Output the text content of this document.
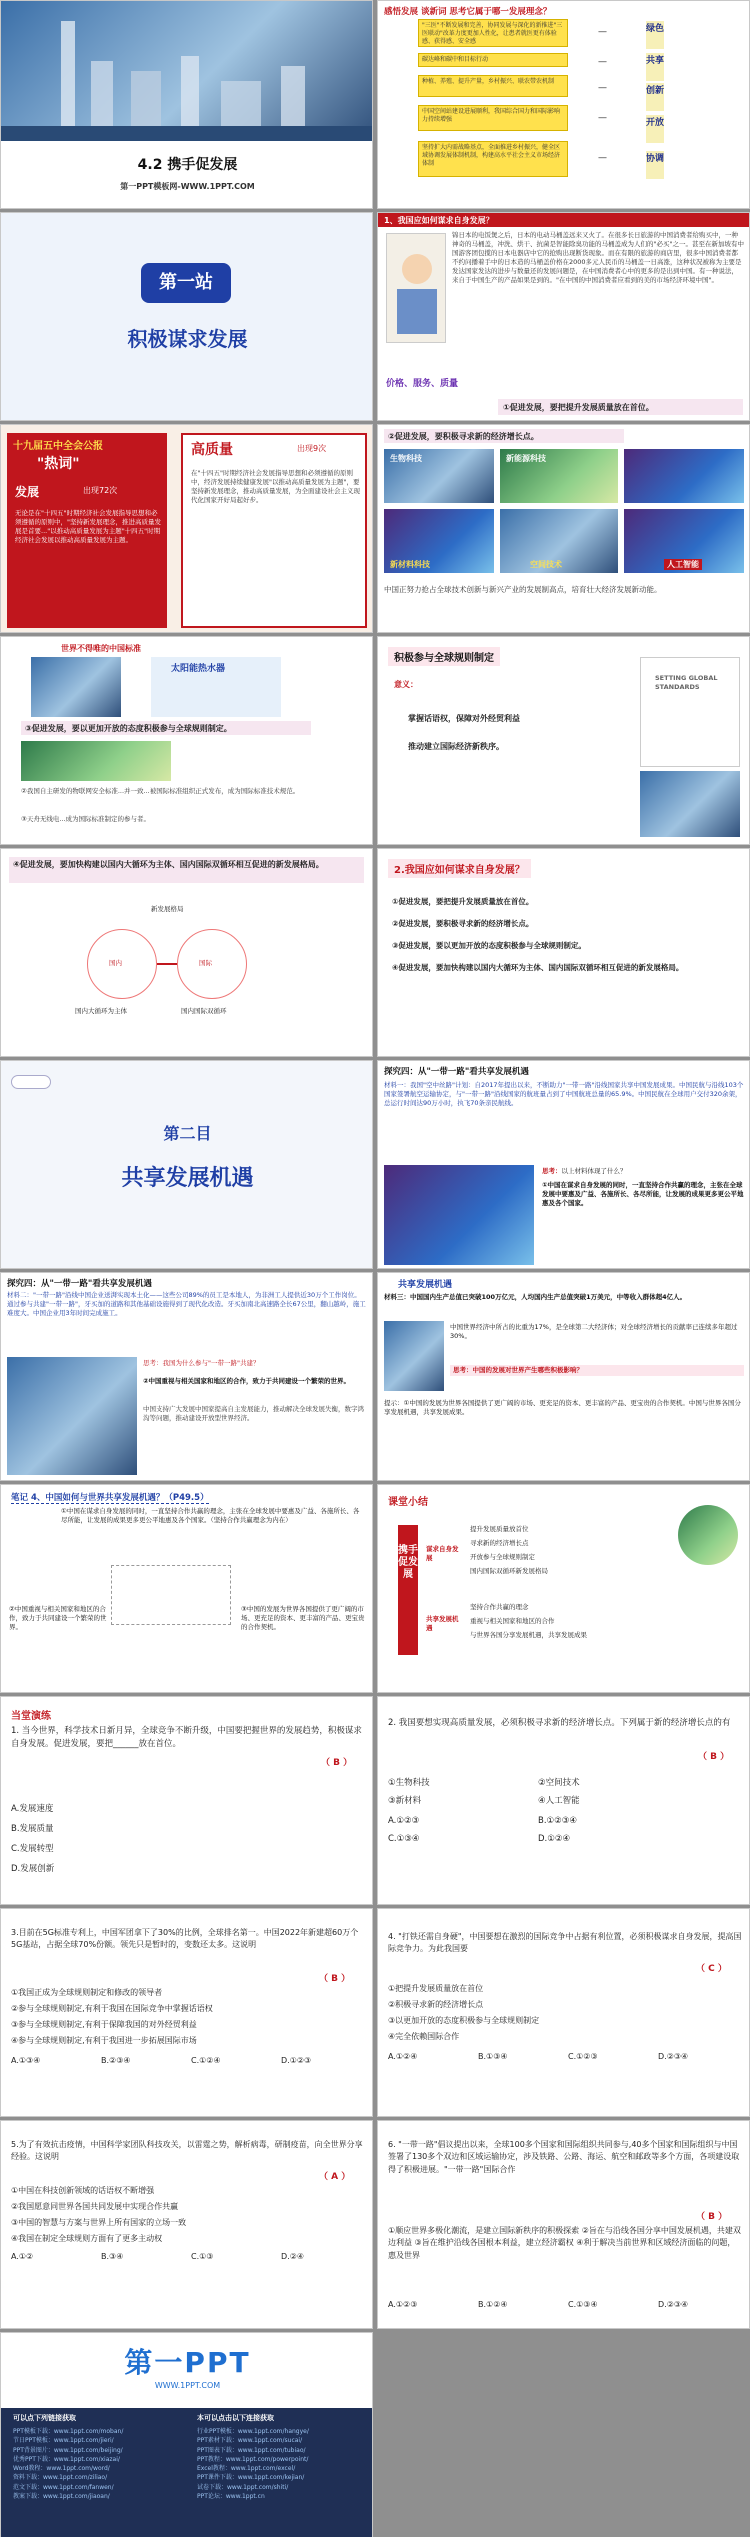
4.2 携手促发展
第一PPT模板网-WWW.1PPT.COM
感悟发展 谈新词 思考它属于哪一发展理念？
"三医"不断发展和完善，协同发展与深化的新推进"三医联动"改革力度更加人性化，让患者就医更有体验感、获得感、安全感
碳达峰和碳中和目标行动
种植、养殖、提升产量，乡村振兴、联农带农机制
中国空间站建设进展顺利，我国综合国力和国际影响力持续增强
坚持扩大内需战略基点，全面推进乡村振兴，健全区域协调发展体制机制，构建高水平社会主义市场经济体制
—
—
—
—
—
绿色
共享
创新
开放
协调
第一站
积极谋求发展
1、我国应如何谋求自身发展？
锦日本的电饭煲之后，日本的电动马桶盖远来又火了。在很多长日旅游的中国消费者给购买中，一种神奇的马桶盖，冲洗、烘干、抗菌是智能除臭功能的马桶盖成为人们的"必买"之一。甚至在新加坡有中国游客团包揽的日本电器店中它的抢购出现断货现象。而在有限的旅游的商店里，很多中国消费者都不约问播着手中的日本造的马桶盖价格在2000多元人民币的马桶盖一日高涨，这种状况被称为主要是发达国家发达的进步与数量还的发展问题是，在中国消费者心中的更多的是出到中国。有一种说法，来自于中国生产的产品如果是到的。"在中国的中国消费者应看到的美的市场经济环境中国"。
价格、服务、质量
①促进发展，要把提升发展质量放在首位。
十九届五中全会公报
"热词"
发展	出现72次
无论是在"十四五"时期经济社会发展指导思想和必须遵循的原则中，"坚持新发展理念，推进高质量发展是首要..."以推动高质量发展为主题"十四五"时期经济社会发展以推动高质量发展为主题。
高质量	出现9次
在"十四五"时期经济社会发展指导思想和必须遵循的原则中，经济发展持续健康发展"以推动高质量发展为主题"，要坚持新发展理念，推动高质量发展，为全面建设社会主义现代化国家开好局起好步。
②促进发展，要积极寻求新的经济增长点。
生物科技	新能源科技
新材料科技	空间技术	人工智能
中国正努力抢占全球技术创新与新兴产业的发展制高点，培育壮大经济发展新动能。
世界不得唯的中国标准
太阳能热水器
③促进发展，要以更加开放的态度积极参与全球规则制定。
②我国自主研发的物联网安全标准...并一致...被国际标准组织正式发布，成为国际标准技术规范。
③天舟无线电...成为国际标准制定的参与者。
积极参与全球规则制定
意义：
掌握话语权，保障对外经贸利益
推动建立国际经济新秩序。
SETTING GLOBAL STANDARDS
④促进发展，要加快构建以国内大循环为主体、国内国际双循环相互促进的新发展格局。
新发展格局
国内	国际
国内大循环为主体	国内国际双循环
2.我国应如何谋求自身发展？
①促进发展，要把提升发展质量放在首位。
②促进发展，要积极寻求新的经济增长点。
③促进发展，要以更加开放的态度积极参与全球规则制定。
④促进发展，要加快构建以国内大循环为主体、国内国际双循环相互促进的新发展格局。
第二目
共享发展机遇
探究四：从"一带一路"看共享发展机遇
材料一：我国"空中丝路"计划：自2017年提出以来，不断助力"一带一路"沿线国家共享中国发展成果。中国民航与沿线103个国家签署航空运输协定，与"一带一路"沿线国家的航班量占到了中国航班总量的65.9%。中国民航在全球用户交付320余架，总运行时间达90万小时，执飞70条亲民航线。
思考：以上材料体现了什么？
①中国在谋求自身发展的同时，一直坚持合作共赢的理念，主张在全球发展中要惠及广益、各施所长、各尽所能，让发展的成果更多更公平地惠及各个国家。
探究四：从"一带一路"看共享发展机遇
材料二："一带一路"沿线中国企业送湃实现本土化——这些公司89%的员工是本地人，为非洲工人提供近30万个工作岗位。通过参与共建"一带一路"，牙买加的道路和其他基础设施得到了现代化改造。牙买加南北高速路全长67公里，翻山越岭，施工难度大。中国企业用3年时间完成施工。
思考：我国为什么参与"一带一路"共建？
②中国重视与相关国家和地区的合作，致力于共同建设一个繁荣的世界。
中国支持广大发展中国家提高自主发展能力，推动解决全球发展失衡，数字鸿沟等问题，推动建设开放型世界经济。
共享发展机遇
材料三：中国国内生产总值已突破100万亿元，人均国内生产总值突破1万美元，中等收入群体超4亿人。
中国世界经济中所占的比重为17%，是全球第二大经济体；对全球经济增长的贡献率已连续多年超过30%。
思考：中国的发展对世界产生哪些积极影响？
提示：①中国的发展为世界各国提供了更广阔的市场、更充足的资本、更丰富的产品、更宝贵的合作契机。中国与世界各国分享发展机遇，共享发展成果。
笔记 4、中国如何与世界共享发展机遇？（P49.5）
①中国在谋求自身发展的同时，一直坚持合作共赢的理念，主张在全球发展中要惠及广益、各施所长、各尽所能，让发展的成果更多更公平地惠及各个国家。（坚持合作共赢理念为内在）
②中国重视与相关国家和地区的合作，致力于共同建设一个繁荣的世界。
③中国的发展为世界各国提供了更广阔的市场、更充足的资本、更丰富的产品、更宝贵的合作契机。
课堂小结
携手促发展
谋求自身发展
共享发展机遇
提升发展质量放首位
寻求新的经济增长点
开放参与全球规则制定
国内国际双循环新发展格局
坚持合作共赢的理念
重视与相关国家和地区的合作
与世界各国分享发展机遇，共享发展成果
当堂演练
1. 当今世界，科学技术日新月异，全球竞争不断升级，中国要把握世界的发展趋势，积极谋求自身发展。促进发展，要把______放在首位。
（ B ）
A.发展速度
B.发展质量
C.发展转型
D.发展创新
2. 我国要想实现高质量发展，必须积极寻求新的经济增长点。下列属于新的经济增长点的有
（ B ）
①生物科技	②空间技术
③新材料	④人工智能
A.①②③	B.①②③④
C.①③④	D.①②④
3.目前在5G标准专利上，中国军团拿下了30%的比例，全球排名第一。中国2022年新建超60万个5G基站，占据全球70%份额。领先只是暂时的，变数还太多。这说明
（ B ）
①我国正成为全球规则制定和修改的领导者
②参与全球规则制定,有利于我国在国际竞争中掌握话语权
③参与全球规则制定,有利于保障我国的对外经贸利益
④参与全球规则制定,有利于我国进一步拓展国际市场
A.①③④	B.②③④	C.①②④	D.①②③
4. "打铁还需自身硬"，中国要想在激烈的国际竞争中占据有利位置，必须积极谋求自身发展，提高国际竞争力。为此我国要
（ C ）
①把提升发展质量放在首位
②积极寻求新的经济增长点
③以更加开放的态度积极参与全球规则制定
④完全依赖国际合作
A.①②④	B.①③④	C.①②③	D.②③④
5.为了有效抗击疫情，中国科学家团队科技攻关，以雷霆之势，解析病毒，研制疫苗，向全世界分享经验。这说明
（ A ）
①中国在科技创新领域的话语权不断增强
②我国愿意同世界各国共同发展中实现合作共赢
③中国的智慧与方案与世界上所有国家的立场一致
④我国在制定全球规则方面有了更多主动权
A.①②	B.③④	C.①③	D.②④
6. "一带一路"倡议提出以来，全球100多个国家和国际组织共同参与,40多个国家和国际组织与中国签署了130多个双边和区域运输协定，涉及铁路、公路、海运、航空和邮政等多个方面，各项建设取得了积极进展。"一带一路"国际合作
（ B ）
①顺应世界多极化潮流，是建立国际新秩序的积极探索 ②旨在与沿线各国分享中国发展机遇，共建双边利益 ③旨在维护沿线各国根本利益，建立经济霸权 ④利于解决当前世界和区域经济面临的问题，惠及世界
A.①②③	B.①②④	C.①③④	D.②③④
第一PPT
WWW.1PPT.COM
可以点下列链接获取	本可以点击以下连接获取
PPT模板下载：www.1ppt.com/moban/
节日PPT模板：www.1ppt.com/jieri/
PPT背景图片：www.1ppt.com/beijing/
优秀PPT下载：www.1ppt.com/xiazai/
Word教程：www.1ppt.com/word/
资料下载：www.1ppt.com/ziliao/
范文下载：www.1ppt.com/fanwen/
教案下载：www.1ppt.com/jiaoan/
行业PPT模板：www.1ppt.com/hangye/
PPT素材下载：www.1ppt.com/sucai/
PPT图表下载：www.1ppt.com/tubiao/
PPT教程：www.1ppt.com/powerpoint/
Excel教程：www.1ppt.com/excel/
PPT课件下载：www.1ppt.com/kejian/
试卷下载：www.1ppt.com/shiti/
PPT论坛：www.1ppt.cn
